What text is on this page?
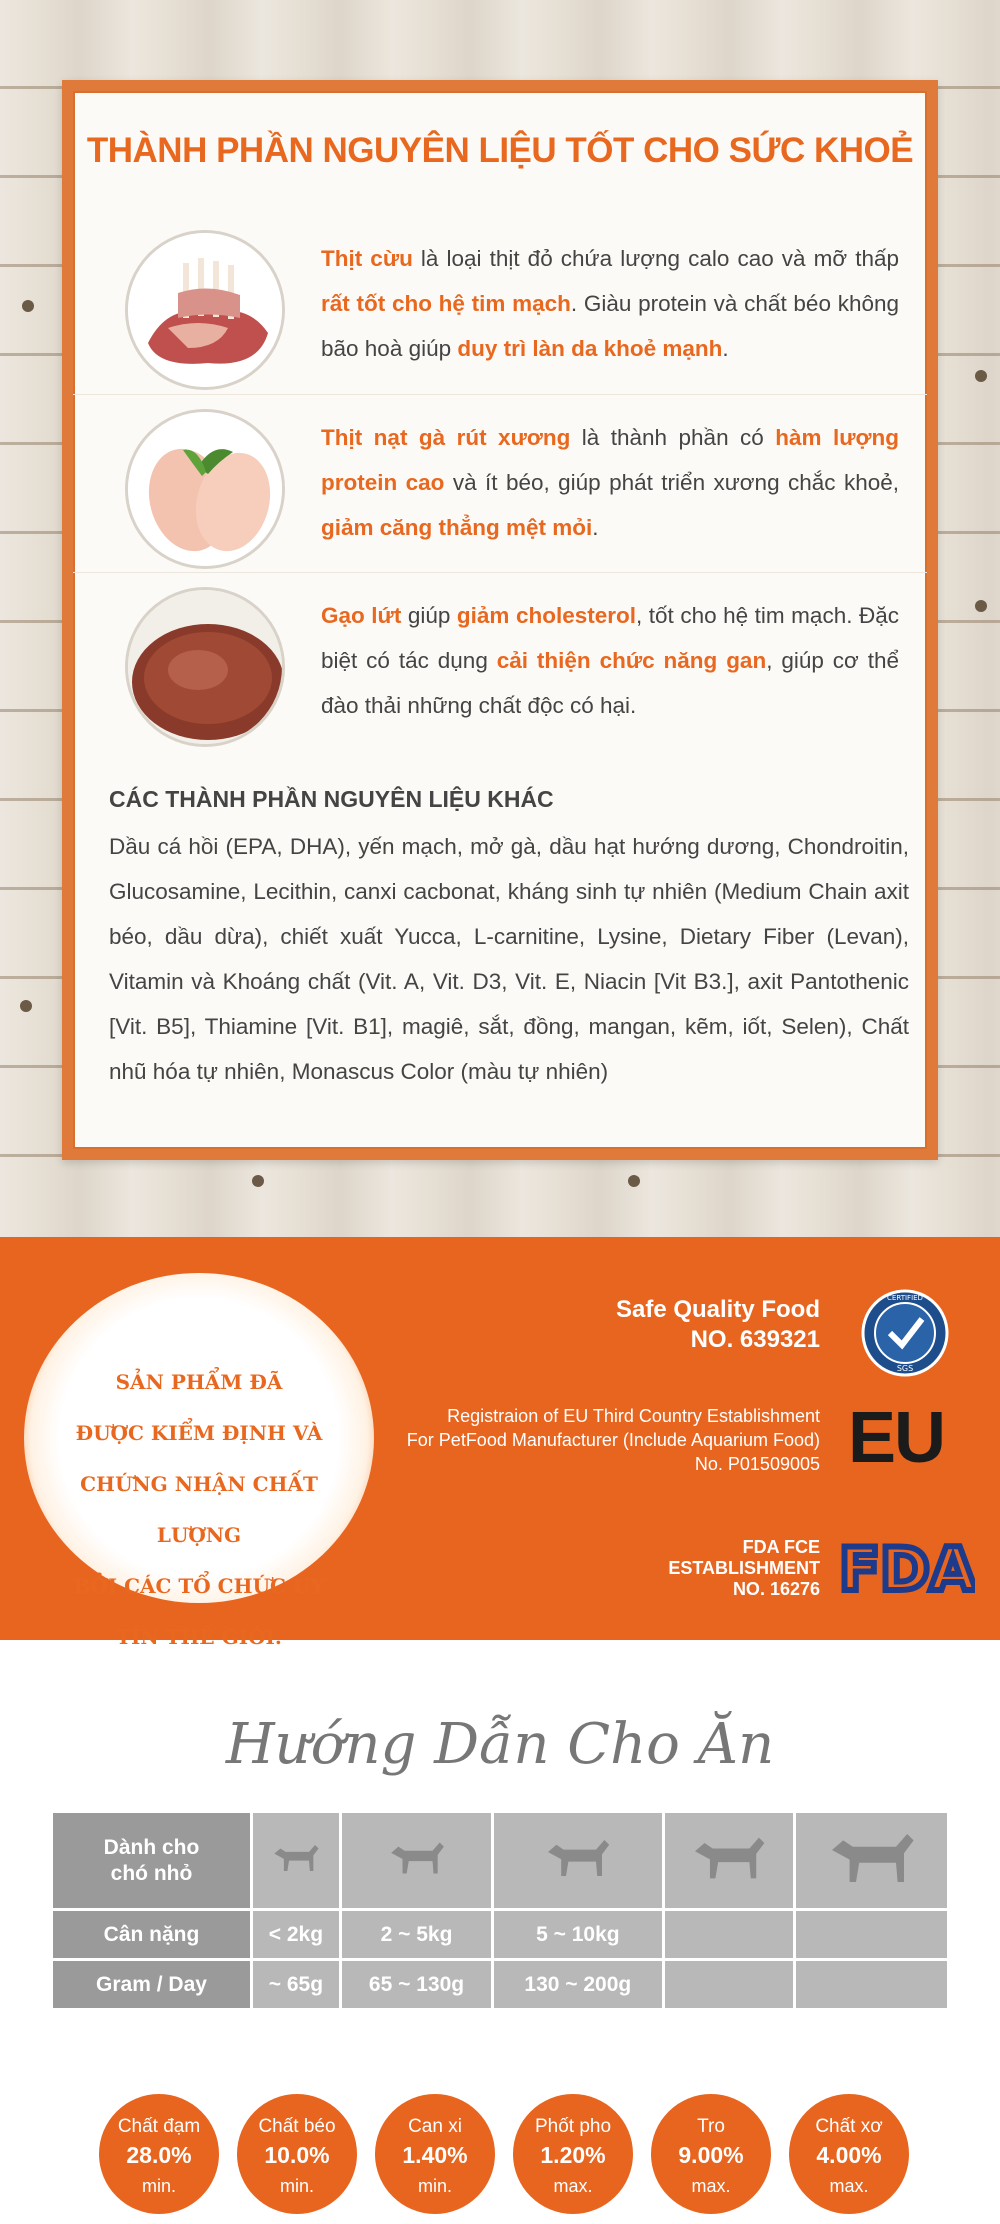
THÀNH PHẦN NGUYÊN LIỆU TỐT CHO SỨC KHOẺ
Thịt cừu là loại thịt đỏ chứa lượng calo cao và mỡ thấp rất tốt cho hệ tim mạch. Giàu protein và chất béo không bão hoà giúp duy trì làn da khoẻ mạnh.
Thịt nạt gà rút xương là thành phần có hàm lượng protein cao và ít béo, giúp phát triển xương chắc khoẻ, giảm căng thẳng mệt mỏi.
Gạo lứt giúp giảm cholesterol, tốt cho hệ tim mạch. Đặc biệt có tác dụng cải thiện chức năng gan, giúp cơ thể đào thải những chất độc có hại.
CÁC THÀNH PHẦN NGUYÊN LIỆU KHÁC
Dầu cá hồi (EPA, DHA), yến mạch, mở gà, dầu hạt hướng dương, Chondroitin, Glucosamine, Lecithin, canxi cacbonat, kháng sinh tự nhiên (Medium Chain axit béo, dầu dừa), chiết xuất Yucca, L-carnitine, Lysine, Dietary Fiber (Levan), Vitamin và Khoáng chất (Vit. A, Vit. D3, Vit. E, Niacin [Vit B3.], axit Pantothenic [Vit. B5], Thiamine [Vit. B1], magiê, sắt, đồng, mangan, kẽm, iốt, Selen), Chất nhũ hóa tự nhiên, Monascus Color (màu tự nhiên)
SẢN PHẨM ĐÃ
ĐƯỢC KIỂM ĐỊNH VÀ
CHỨNG NHẬN CHẤT LƯỢNG
BỞI CÁC TỔ CHỨC UY
TÍN THẾ GIỚI.
Safe Quality Food
NO. 639321
CERTIFIED
SGS
Registraion of EU Third Country Establishment
For PetFood Manufacturer (Include Aquarium Food)
No. P01509005 EU
FDA FCE
ESTABLISHMENT
NO. 16276 FDA
Hướng Dẫn Cho Ăn
Dành cho
chó nhỏ

Cân nặng	< 2kg	2 ~ 5kg	5 ~ 10kg		
Gram / Day	~ 65g	65 ~ 130g	130 ~ 200g		
Chất đạm
28.0%
min.
Chất béo
10.0%
min.
Can xi
1.40%
min.
Phốt pho
1.20%
max.
Tro
9.00%
max.
Chất xơ
4.00%
max.
